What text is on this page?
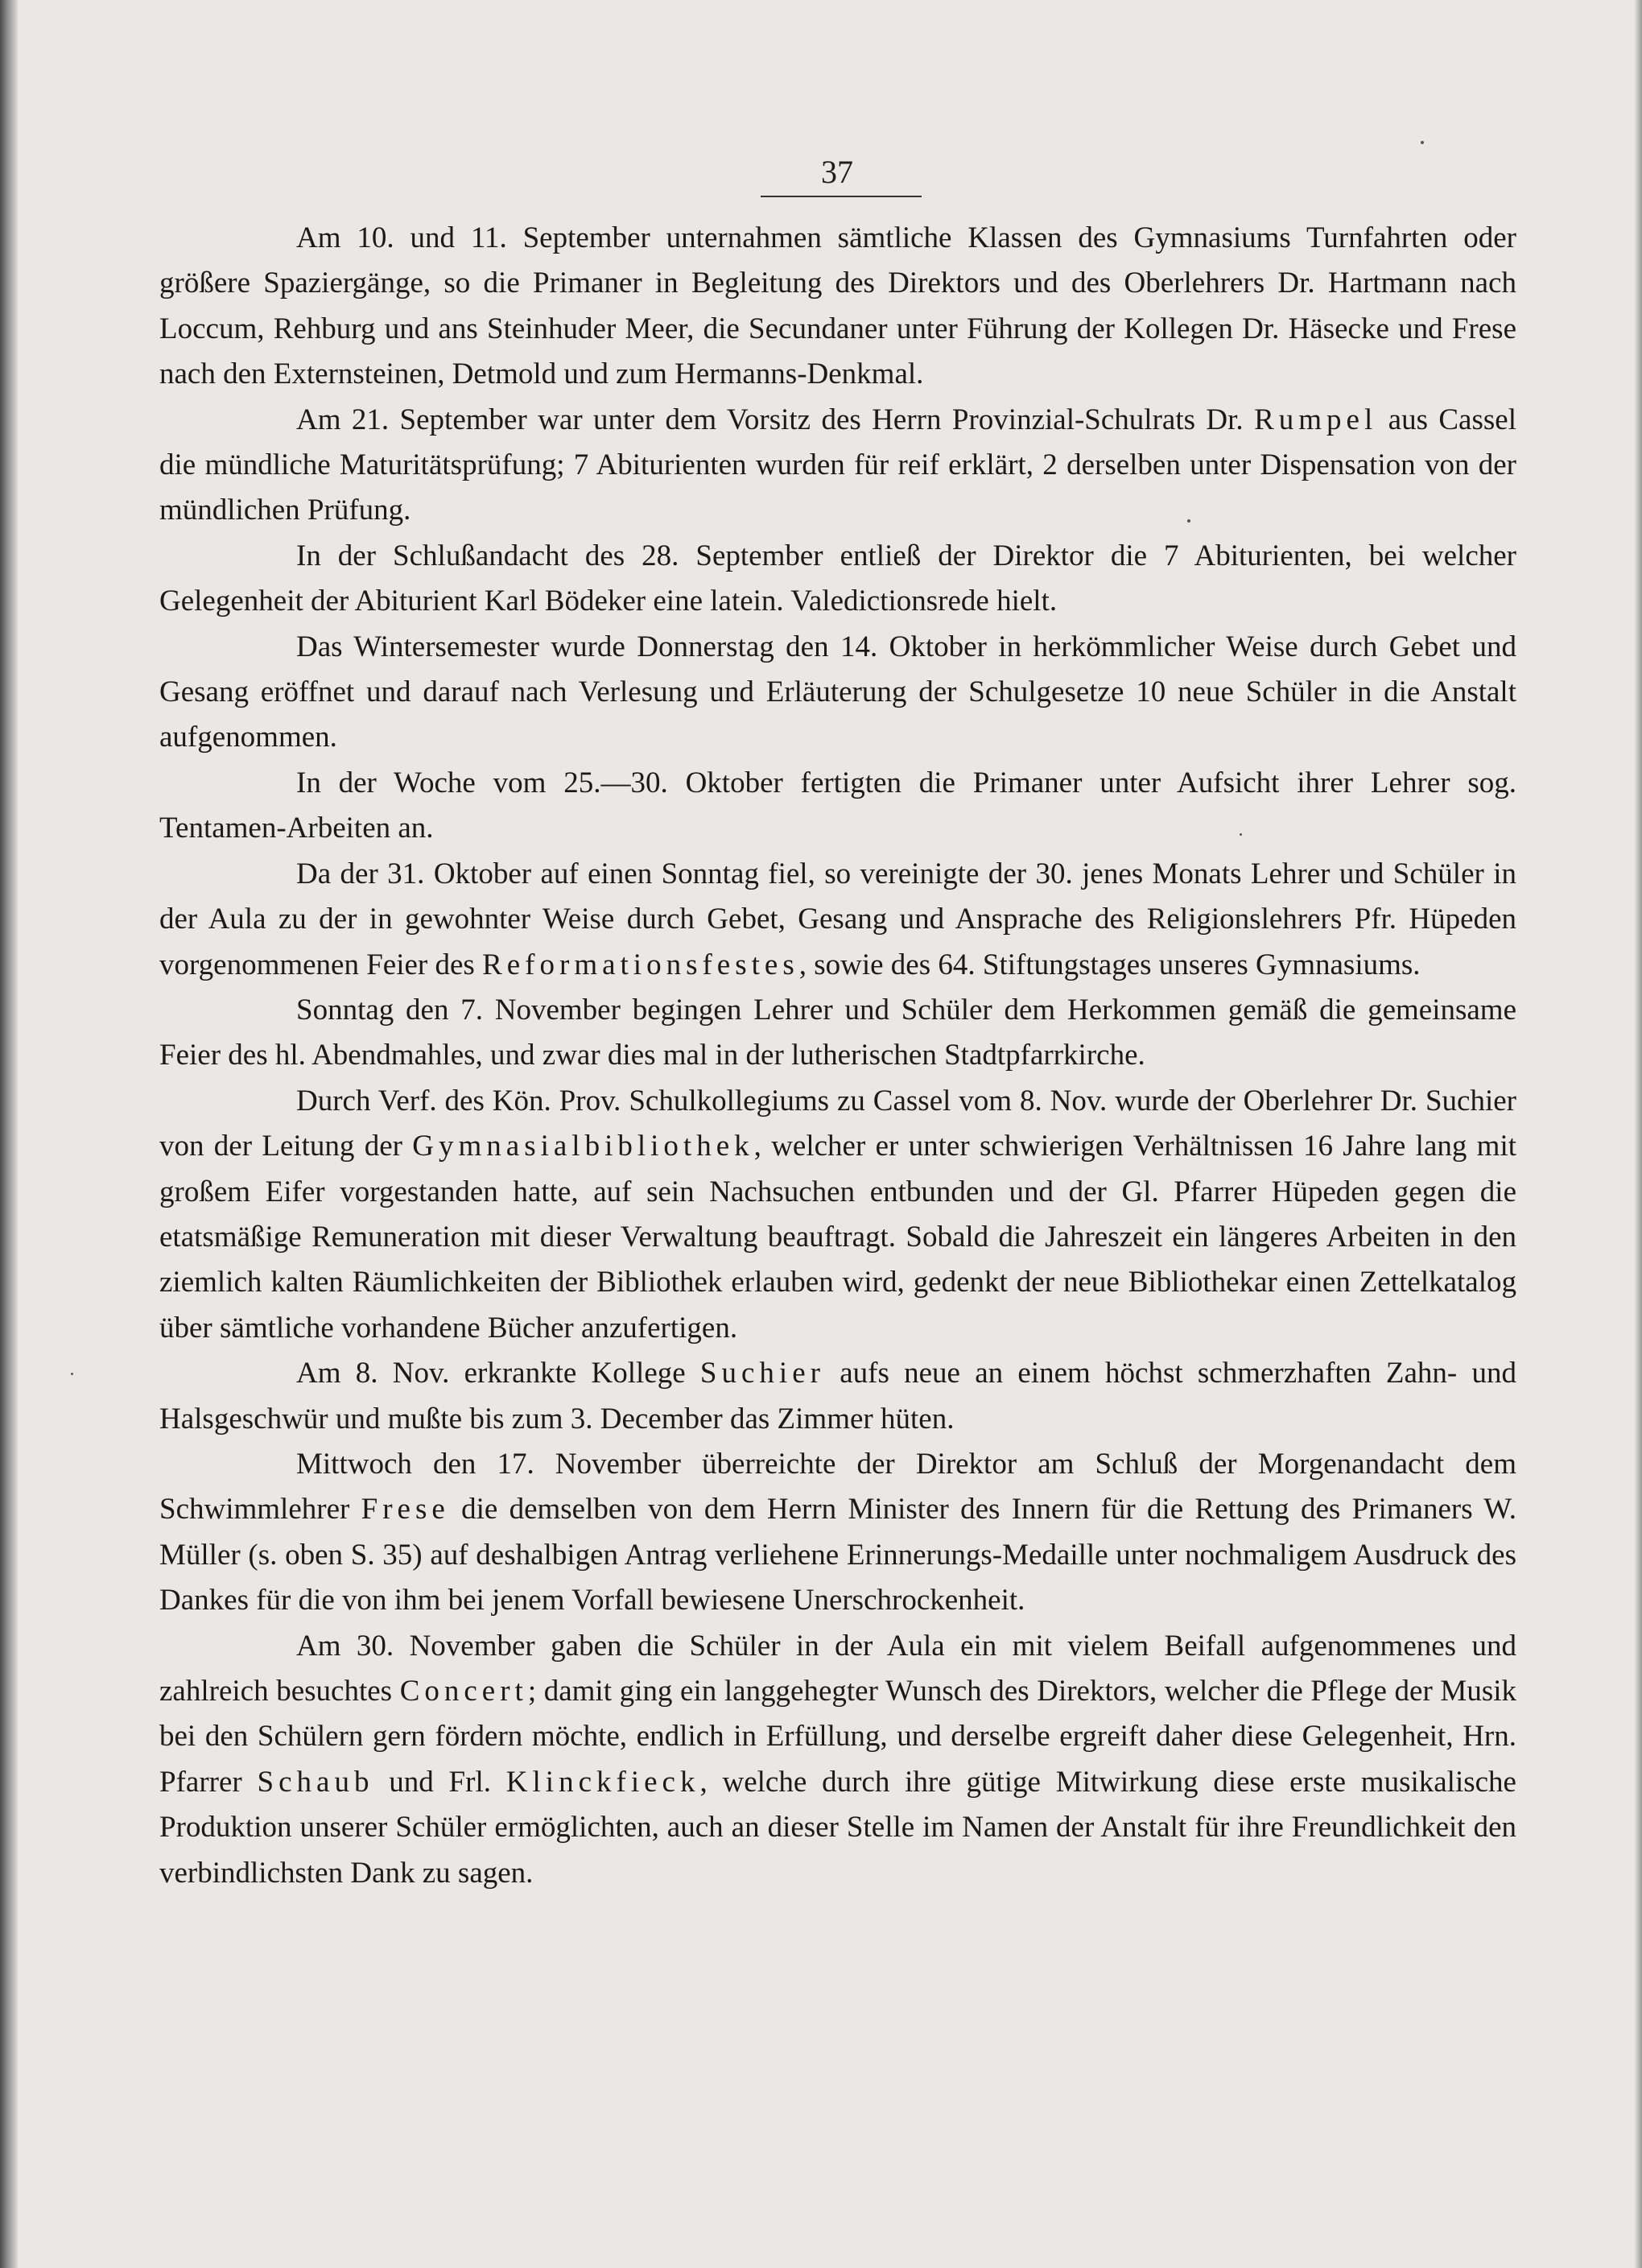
37

Am 10. und 11. September unternahmen sämtliche Klassen des Gymnasiums Turnfahrten oder größere Spaziergänge, so die Primaner in Begleitung des Direktors und des Oberlehrers Dr. Hartmann nach Loccum, Rehburg und ans Steinhuder Meer, die Secundaner unter Führung der Kollegen Dr. Häsecke und Frese nach den Externsteinen, Detmold und zum Hermanns-Denkmal.

Am 21. September war unter dem Vorsitz des Herrn Provinzial-Schulrats Dr. Rumpel aus Cassel die mündliche Maturitätsprüfung; 7 Abiturienten wurden für reif erklärt, 2 derselben unter Dispensation von der mündlichen Prüfung.

In der Schlußandacht des 28. September entließ der Direktor die 7 Abiturienten, bei welcher Gelegenheit der Abiturient Karl Bödeker eine latein. Valedictionsrede hielt.

Das Wintersemester wurde Donnerstag den 14. Oktober in herkömmlicher Weise durch Gebet und Gesang eröffnet und darauf nach Verlesung und Erläuterung der Schulgesetze 10 neue Schüler in die Anstalt aufgenommen.

In der Woche vom 25.—30. Oktober fertigten die Primaner unter Aufsicht ihrer Lehrer sog. Tentamen-Arbeiten an.

Da der 31. Oktober auf einen Sonntag fiel, so vereinigte der 30. jenes Monats Lehrer und Schüler in der Aula zu der in gewohnter Weise durch Gebet, Gesang und Ansprache des Religionslehrers Pfr. Hüpeden vorgenommenen Feier des Reformationsfestes, sowie des 64. Stiftungstages unseres Gymnasiums.

Sonntag den 7. November begingen Lehrer und Schüler dem Herkommen gemäß die gemeinsame Feier des hl. Abendmahles, und zwar dies mal in der lutherischen Stadtpfarrkirche.

Durch Verf. des Kön. Prov. Schulkollegiums zu Cassel vom 8. Nov. wurde der Oberlehrer Dr. Suchier von der Leitung der Gymnasialbibliothek, welcher er unter schwierigen Verhältnissen 16 Jahre lang mit großem Eifer vorgestanden hatte, auf sein Nachsuchen entbunden und der Gl. Pfarrer Hüpeden gegen die etatsmäßige Remuneration mit dieser Verwaltung beauftragt. Sobald die Jahreszeit ein längeres Arbeiten in den ziemlich kalten Räumlichkeiten der Bibliothek erlauben wird, gedenkt der neue Bibliothekar einen Zettelkatalog über sämtliche vorhandene Bücher anzufertigen.

Am 8. Nov. erkrankte Kollege Suchier aufs neue an einem höchst schmerzhaften Zahn- und Halsgeschwür und mußte bis zum 3. December das Zimmer hüten.

Mittwoch den 17. November überreichte der Direktor am Schluß der Morgenandacht dem Schwimmlehrer Frese die demselben von dem Herrn Minister des Innern für die Rettung des Primaners W. Müller (s. oben S. 35) auf deshalbigen Antrag verliehene Erinnerungs-Medaille unter nochmaligem Ausdruck des Dankes für die von ihm bei jenem Vorfall bewiesene Unerschrockenheit.

Am 30. November gaben die Schüler in der Aula ein mit vielem Beifall aufgenommenes und zahlreich besuchtes Concert; damit ging ein langgehegter Wunsch des Direktors, welcher die Pflege der Musik bei den Schülern gern fördern möchte, endlich in Erfüllung, und derselbe ergreift daher diese Gelegenheit, Hrn. Pfarrer Schaub und Frl. Klinckfieck, welche durch ihre gütige Mitwirkung diese erste musikalische Produktion unserer Schüler ermöglichten, auch an dieser Stelle im Namen der Anstalt für ihre Freundlichkeit den verbindlichsten Dank zu sagen.
